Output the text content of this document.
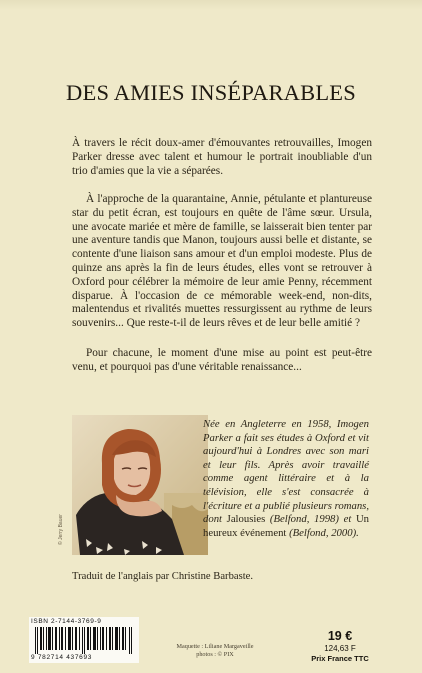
DES AMIES INSÉPARABLES
À travers le récit doux-amer d'émouvantes retrouvailles, Imogen Parker dresse avec talent et humour le portrait inoubliable d'un trio d'amies que la vie a séparées.
À l'approche de la quarantaine, Annie, pétulante et plantureuse star du petit écran, est toujours en quête de l'âme sœur. Ursula, une avocate mariée et mère de famille, se laisserait bien tenter par une aventure tandis que Manon, toujours aussi belle et distante, se contente d'une liaison sans amour et d'un emploi modeste. Plus de quinze ans après la fin de leurs études, elles vont se retrouver à Oxford pour célébrer la mémoire de leur amie Penny, récemment disparue. À l'occasion de ce mémorable week-end, non-dits, malentendus et rivalités muettes ressurgissent au rythme de leurs souvenirs... Que reste-t-il de leurs rêves et de leur belle amitié ?
Pour chacune, le moment d'une mise au point est peut-être venu, et pourquoi pas d'une véritable renaissance...
© Jerry Bauer
Née en Angleterre en 1958, Imogen Parker a fait ses études à Oxford et vit aujourd'hui à Londres avec son mari et leur fils. Après avoir travaillé comme agent littéraire et à la télévision, elle s'est consacrée à l'écriture et a publié plusieurs romans, dont Jalousies (Belfond, 1998) et Un heureux événement (Belfond, 2000).
Traduit de l'anglais par Christine Barbaste.
ISBN 2-7144-3769-9
9 782714 437693
Maquette : Liliane Margaveille
photos : © PIX
19 €
124,63 F
Prix France TTC
